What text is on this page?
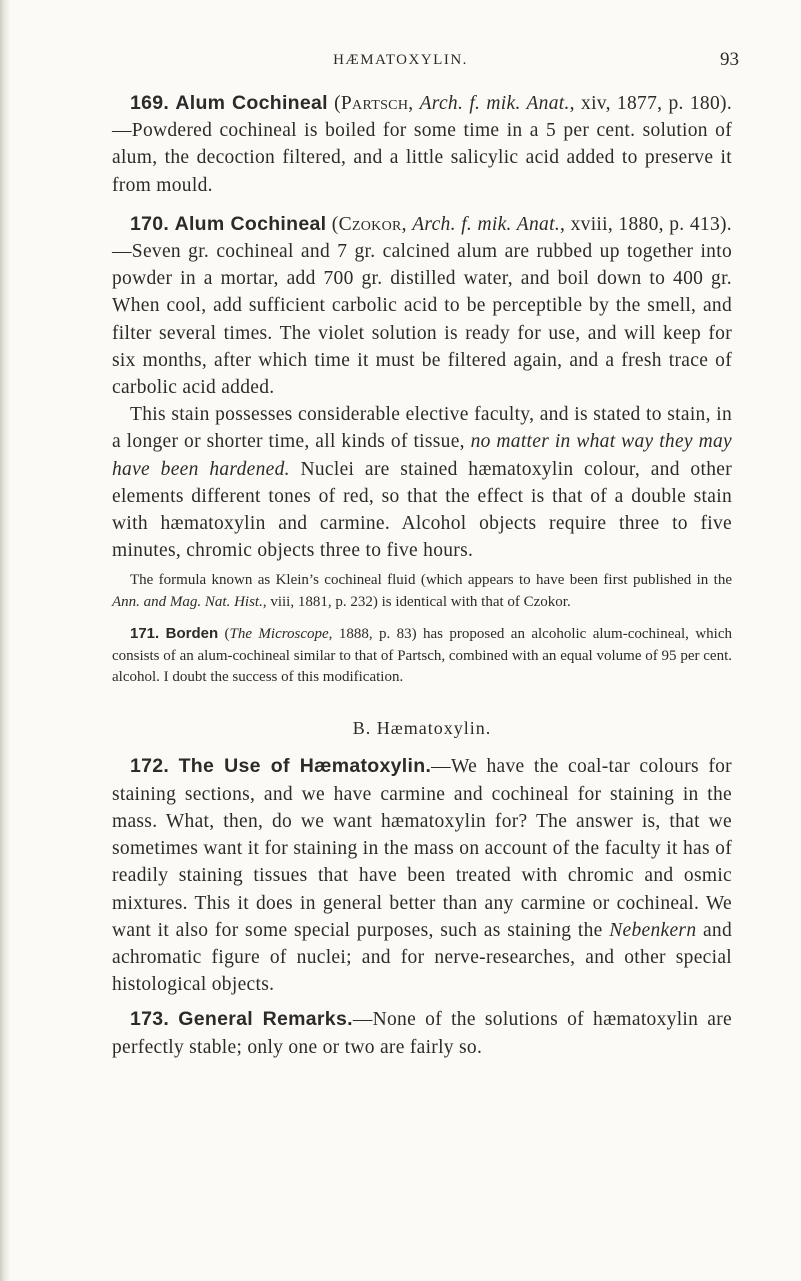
HÆMATOXYLIN.	93

169. Alum Cochineal (Partsch, Arch. f. mik. Anat., xiv, 1877, p. 180).—Powdered cochineal is boiled for some time in a 5 per cent. solution of alum, the decoction filtered, and a little salicylic acid added to preserve it from mould.

170. Alum Cochineal (Czokor, Arch. f. mik. Anat., xviii, 1880, p. 413).—Seven gr. cochineal and 7 gr. calcined alum are rubbed up together into powder in a mortar, add 700 gr. distilled water, and boil down to 400 gr. When cool, add sufficient carbolic acid to be perceptible by the smell, and filter several times. The violet solution is ready for use, and will keep for six months, after which time it must be filtered again, and a fresh trace of carbolic acid added.

This stain possesses considerable elective faculty, and is stated to stain, in a longer or shorter time, all kinds of tissue, no matter in what way they may have been hardened. Nuclei are stained hæmatoxylin colour, and other elements different tones of red, so that the effect is that of a double stain with hæmatoxylin and carmine. Alcohol objects require three to five minutes, chromic objects three to five hours.

The formula known as Klein’s cochineal fluid (which appears to have been first published in the Ann. and Mag. Nat. Hist., viii, 1881, p. 232) is identical with that of Czokor.

171. Borden (The Microscope, 1888, p. 83) has proposed an alcoholic alum-cochineal, which consists of an alum-cochineal similar to that of Partsch, combined with an equal volume of 95 per cent. alcohol. I doubt the success of this modification.

B. Hæmatoxylin.

172. The Use of Hæmatoxylin.—We have the coal-tar colours for staining sections, and we have carmine and cochineal for staining in the mass. What, then, do we want hæmatoxylin for? The answer is, that we sometimes want it for staining in the mass on account of the faculty it has of readily staining tissues that have been treated with chromic and osmic mixtures. This it does in general better than any carmine or cochineal. We want it also for some special purposes, such as staining the Nebenkern and achromatic figure of nuclei; and for nerve-researches, and other special histological objects.

173. General Remarks.—None of the solutions of hæmatoxylin are perfectly stable; only one or two are fairly so.
